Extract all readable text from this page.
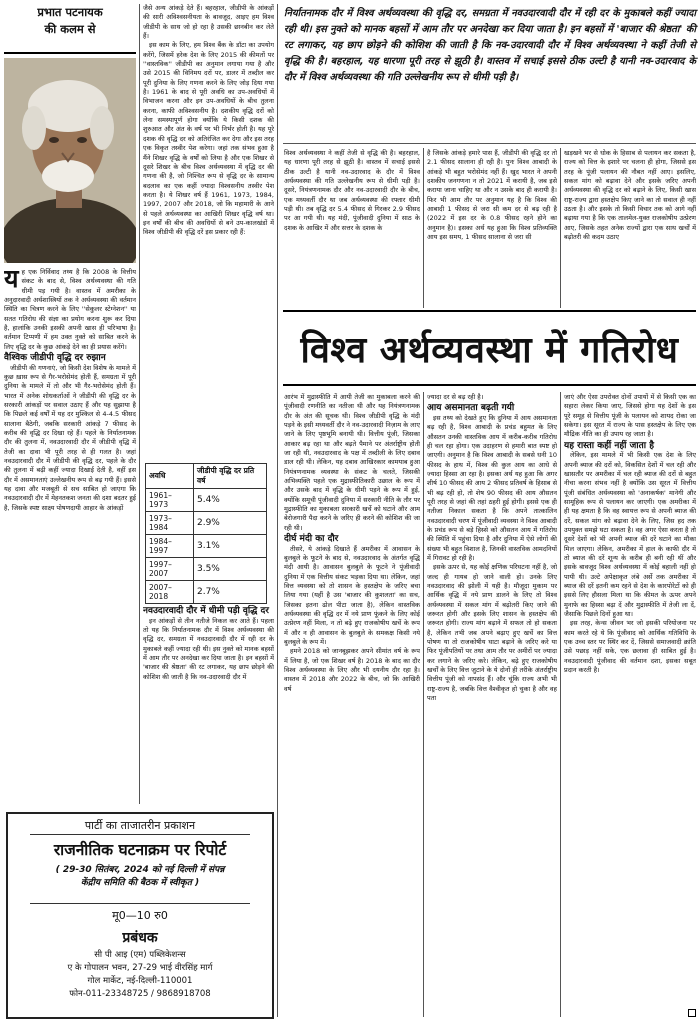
प्रभात पटनायक
की कलम से
निर्यातनामक दौर में विश्व अर्थव्यवस्था की वृद्धि दर, समग्रता में नवउदारवादी दौर में रही दर के मुकाबले कहीं ज्यादा रही थी। इस नुक्ते को मानक बहसों में आम तौर पर अनदेखा कर दिया जाता है। इन बहसों में 'बाजार की श्रेष्ठता' की रट लगाकर, यह छाप छोड़ने की कोशिश की जाती है कि नव-उदारवादी दौर में विश्व अर्थव्यवस्था ने कहीं तेजी से वृद्धि की है। बहरहाल, यह धारणा पूरी तरह से झूठी है। वास्तव में सचाई इससे ठीक उल्टी है यानी नव-उदारवाद के दौर में विश्व अर्थव्यवस्था की गति उल्लेखनीय रूप से धीमी पड़ी है।
य ह एक निर्विवाद तथ्य है कि 2008 के वित्तीय संकट के बाद से, विश्व अर्थव्यवस्था की गति धीमी पड़ गयी है। वास्तव में अमरीका के अनुदारवादी अर्थशास्त्रियों तक ने अर्थव्यवस्था की वर्तमान स्थिति का चित्रण करने के लिए ''सेकुलर स्टेग्नेशन'' या सतत गतिरोध की संज्ञा का प्रयोग करना शुरू कर दिया है, हालांकि उनकी इसकी अपनी खास ही परिभाषा है। वर्तमान टिप्पणी में हम उक्त नुक्ते को साबित करने के लिए वृद्धि दर के कुछ आंकड़े देने का ही प्रयास करेंगे।

वैश्विक जीडीपी वृद्धि दर रुझान

जीडीपी की गणनाएं, जो किसी देश विशेष के मामले में कुछ ख़ास रूप से गैर-भरोसेमंद होती हैं, समग्रता में पूरी दुनिया के मामले में तो और भी गैर-भरोसेमंद होती हैं। भारत में अनेक शोधकर्ताओं ने जीडीपी की वृद्धि दर के सरकारी आंकड़ों पर सवाल उठाए हैं और यह सुझाया है कि पिछले कई वर्षों में यह दर मुश्किल से 4-4.5 फीसद सालाना बैठेगी, जबकि सरकारी आंकड़े 7 फीसद के करीब की वृद्धि दर दिखा रहे हैं। पहले के निर्यातनामक दौर की तुलना में, नवउदारवादी दौर में जीडीपी वृद्धि में तेजी का दावा भी पूरी तरह से ही गलत है। जहां नवउदारवादी दौर में जीडीपी की वृद्धि दर, पहले के दौर की तुलना में बढ़ी कहीं ज्यादा दिखाई देती है, वहीं इस दौर में असमानताएं उल्लेखनीय रूप से बढ़ गयी हैं। इससे यह दावा और मजबूती से सच साबित हो जाएगा कि नवउदारवादी दौर में मेहनतकश जनता की दशा बदतर हुई है, जिसके स्पष्ट साक्ष्य पोषणदायी आहार के आंकड़ों

जैसे अन्य आंकड़े देते हैं। बहरहाल, जीडीपी के आंकड़ों की सारी अविश्वसनीयता के बावजूद, आइए हम विश्व जीडीपी के साथ जो हो रहा है उसकी छानबीन कर लेते हैं।

इस काम के लिए, हम विश्व बैंक के डॉटा का उपयोग करेंगे, जिसमें हरेक देश के लिए 2015 की कीमतों पर ''वास्तविक'' जीडीपी का अनुमान लगाया गया है और उसे 2015 की विनिमय दरों पर, डालर में तब्दील कर पूरी दुनिया के लिए गणना करने के लिए जोड़ दिया गया है। 1961 के बाद से पूरी अवधि का उप-अवधियों में विभाजन करना और इन उप-अवधियों के बीच तुलना करना, काफी अविश्वसनीय है। दशकीय वृद्धि दरों को लेना समस्यापूर्ण होगा क्योंकि ये किसी दशक की शुरुआत और अंत के वर्ष पर भी निर्भर होती है। यह पूरे दशक की वृद्धि दर को अतिरंजित कर देगा और इस तरह एक विकृत तस्वीर पेश करेगा। जहां तक संभव हुआ है मैंने शिखर वृद्धि के वर्षों को लिया है और एक शिखर से दूसरे शिखर के बीच विश्व अर्थव्यवस्था में वृद्धि दर की गणना की है, जो निश्चित रूप से वृद्धि दर के सामान्य बदलाव का एक कहीं ज्यादा विश्वसनीय तस्वीर पेश करता है। ये शिखर वर्ष हैं 1961, 1973, 1984, 1997, 2007 और 2018, जो कि महामारी के आने से पहले अर्थव्यवस्था का आखिरी शिखर वृद्धि वर्ष था। इन वर्षों की बीच की अवधियों से बने उप-कालखंडों में विश्व जीडीपी की वृद्धि दरें इस प्रकार रही हैं:

अवधि	जीडीपी वृद्धि दर प्रति वर्ष
1961–1973	5.4%
1973–1984	2.9%
1984–1997	3.1%
1997–2007	3.5%
2007–2018	2.7%
नवउदारवादी दौर में धीमी पड़ी वृद्धि दर

इन आंकड़ों से तीन नतीजे निकल कर आते हैं। पहला तो यह कि निर्यातनामक दौर में विश्व अर्थव्यवस्था की वृद्धि दर, समग्रता में नवउदारवादी दौर में रही दर के मुकाबले कहीं ज्यादा रही थी। इस नुक्ते को मानक बहसों में आम तौर पर अनदेखा कर दिया जाता है। इन बहसों में 'बाजार की श्रेष्ठता' की रट लगाकर, यह छाप छोड़ने की कोशिश की जाती है कि नव-उदारवादी दौर में

विश्व अर्थव्यवस्था ने कहीं तेजी से वृद्धि की है। बहरहाल, यह धारणा पूरी तरह से झूठी है। वास्तव में सचाई इससे ठीक उल्टी है यानी नव-उदारवाद के दौर में विश्व अर्थव्यवस्था की गति उल्लेखनीय रूप से धीमी पड़ी है। दूसरे, नियंत्रणनामक दौर और नव-उदारवादी दौर के बीच, एक मध्यवर्ती दौर था जब अर्थव्यवस्था की रफ्तार धीमी पड़ी थी। तब वृद्धि दर 5.4 फीसद से गिरकर 2.9 फीसद पर आ गयी थी। यह मंदी, पूंजीवादी दुनिया में साठ के दशक के आखिर में और सत्तर के दशक के

है जिसके आंकड़े हमारे पास हैं, जीडीपी की वृद्धि दर तो 2.1 फीसद सालाना ही रही है। पुनः विश्व आबादी के आंकड़े भी बहुत भरोसेमंद नहीं हैं। खुद भारत ने अपनी दशकीय जनगणना न तो 2021 में करायी है, जब इसे कराया जाना चाहिए था और न उसके बाद ही करायी है। फिर भी आम तौर पर अनुमान यह है कि विश्व की आबादी 1 फीसद से जरा सी कम दर से बढ़ रही है (2022 में इस दर के 0.8 फीसद रहने होने का अनुमान है)। इसका अर्थ यह हुआ कि विश्व प्रतिव्यक्ति आय इस समय, 1 फीसद सालाना से जरा सी

खड़खने भर से धोक के हिसाब से पलायन कर सकता है, राज्य को वित्त के इशारे पर चलना ही होगा, जिससे इस तरह के पूंजी पलायन की नौबत नहीं आए। इसलिए, सकल मांग को बढ़ावा देने और इसके जरिए अपनी अर्थव्यवस्था की वृद्धि दर को बढ़ाने के लिए, किसी खास राष्ट्र-राज्य द्वारा हस्तक्षेप किए जाने का तो सवाल ही नहीं उठता है। और इसके तो किसी विचार तक को आगे नहीं बढ़ाया गया है कि एक तालमेल-युक्त राजकोषीय उत्प्रेरण आए, जिसके तहत अनेक राज्यों द्वारा एक साथ खर्चों में बढ़ोतरी की कदम उठाए

विश्व अर्थव्यवस्था में गतिरोध

आरंभ में मुद्रास्फीति में आयी तेजी का मुकाबला करने की पूंजीवादी रणनीति का नतीजा थी और यह नियंत्रणनामक दौर के अंत की सूचक थी। विश्व जीडीपी वृद्धि के मंदी पड़ने के इसी मध्यवर्ती दौर ने नव-उदारवादी निज़ाम के लाए जाने के लिए पृष्ठभूमि बनायी थी। वित्तीय पूंजी, जिसका आकार बढ़ रहा था और बढ़ते पैमाने पर अंतर्राष्ट्रीय होती जा रही थी, नवउदारवाद के पक्ष में तब्दीली के लिए दबाव डाल रही थी। लेकिन, यह दबाव आखिरकार कामयाब हुआ नियंत्रणनामक व्यवस्था के संकट के चलते, जिसकी अभिव्यक्ति पहले एक मुद्रास्फीतिकारी उछाल के रूप में और उसके बाद में वृद्धि के धीमी पड़ने के रूप में हुई, क्योंकि समूची पूंजीवादी दुनिया में सरकारी नीति के तौर पर मुद्रास्फीति का मुकाबला सरकारी खर्चे को घटाने और आम बेरोजगारी पैदा करने के जरिए ही करने की कोशिश की जा रही थी।

दीर्घ मंदी का दौर

तीसरे, ये आंकड़े दिखाते हैं अमरीका में आवासन के बुलबुले के फूटने के बाद से, नवउदारवाद के अंतर्गत वृद्धि मंदी आयी है। आवासन बुलबुले के फूटने ने पूंजीवादी दुनिया में एक वित्तीय संकट भड़का दिया था। लेकिन, जहां वित्त व्यवस्था को तो शासन के हस्तक्षेप के जरिए बचा लिया गया (यहीं है उस 'बाजार की कुशलता' का सच, जिसका इतना ढोल पीटा जाता है), लेकिन वास्तविक अर्थव्यवस्था की वृद्धि दर में नये प्राण फूंकने के लिए कोई उत्प्रेरण नहीं मिला, न तो बढ़े हुए राजकोषीय खर्चे के रूप में और न ही आवासन के बुलबुले के समकक्ष किसी नये बुलबुले के रूप में।

हमने 2018 को जानबूझकर अपने सीमांत वर्ष के रूप में लिया है, जो एक शिखर वर्ष है। 2018 के बाद का दौर विश्व अर्थव्यवस्था के लिए और भी दयनीय दौर रहा है। वास्तव में 2018 और 2022 के बीच, जो कि आखिरी वर्ष

ज्यादा दर से बढ़ रही है।

आय असमानता बढ़ती गयी

इस तथ्य को देखते हुए कि दुनिया में आय असमानता बढ़ रही है, विश्व आबादी के प्रचंड बहुमत के लिए औसतन उनकी वास्तविक आय में करीब-करीब गतिरोध ही चल रहा होगा। एक उदाहरण से हमारी बात स्पष्ट हो जाएगी। अनुमान है कि विश्व आबादी के सबसे धनी 10 फीसद के हाथ में, विश्व की कुल आय का आधे से ज्यादा हिस्सा आ रहा है। इसका अर्थ यह हुआ कि अगर शीर्ष 10 फीसद की आय 2 फीसद प्रतिवर्ष के हिसाब से भी बढ़ रही हो, तो शेष 90 फीसद की आय औसतन पूरी तरह से जहां की तहां ठहरी हुई होगी। इससे एक ही नतीजा निकाल सकता है कि अपने तात्कालिन नवउदारवादी चरण में पूंजीवादी व्यवस्था ने विश्व आबादी के प्रचंड रूप से बड़े हिस्से को औसतन आय में गतिरोध की स्थिति में पहुंचा दिया है और दुनिया में ऐसे लोगों की संख्या भी बहुत विशाल है, जिनकी वास्तविक आमदनियों में गिरावट हो रही है।

इसके ऊपर से, यह कोई क्षणिक परिघटना नहीं है, जो जल्द ही गायब हो जाने वाली हो। उनके लिए नवउदारवाद की झोली में यही है। मौजूदा मुकाम पर आर्थिक वृद्धि में नये प्राण डालने के लिए तो विश्व अर्थव्यवस्था में सकल मांग में बढ़ोतरी किए जाने की जरूरत होगी और इसके लिए शासन के हस्तक्षेप की जरूरत होगी। राज्य मांग बढ़ाने में सफल तो हो सकता है, लेकिन तभी जब अपने बढ़ाए हुए खर्चे का वित्त पोषण या तो राजकोषीय घाटा बढ़ाने के जरिए करे या फिर पूंजीपतियों पर तथा आम तौर पर अमीरों पर ज्यादा कर लगाने के जरिए करे। लेकिन, बढ़े हुए राजकोषीय खर्चों के लिए वित्त जुटाने के ये दोनों ही तरीके अंतर्राष्ट्रीय वित्तीय पूंजी को नापसंद हैं। और चूंकि राज्य अभी भी राष्ट्र-राज्य है, जबकि वित्त वैश्वीकृत हो चुका है और वह पता

जाएं और ऐसा उपरोक्त दोनों उपायों में से किसी एक का सहारा लेकर किया जाए, जिससे होगा यह देशों के इस पूरे समूह से वित्तीय पूंजी के पलायन को शायद रोका जा सकेगा। इस सूरत में राज्य के पास हस्तक्षेप के लिए एक मौद्रिक नीति का ही उपाय रह जाता है।

यह रास्ता कहीं नहीं जाता है

लेकिन, इस मामले में भी किसी एक देश के लिए अपनी ब्याज की दरों को, विकसित देशों में चल रही और खासतौर पर अमरीका में चल रही ब्याज की दरों से बहुत नीचा करना संभव नहीं है क्योंकि उस सूरत में वित्तीय पूंजी संबंधित अर्थव्यवस्था को 'अनाकर्षक' मानेगी और सामूहिक रूप से पलायन कर जाएगी। एक अमरीका में ही यह क्षमता है कि वह स्वायत्त रूप से अपनी ब्याज की दरें, सकल मांग को बढ़ावा देने के लिए, जिस हद तक उपयुक्त समझे घटा सकता है। वह अगर ऐसा करता है तो दूसरे देशों को भी अपनी ब्याज की दरें घटाने का मौका मिल जाएगा। लेकिन, अमरीका में हाल के काफी दौर में तो ब्याज की दरें शून्य के करीब ही बनी रही थीं और इसके बावजूद विश्व अर्थव्यवस्था में कोई बहाली नहीं हो पायी थी। उल्टे अपेक्षाकृत लंबे अर्से तक अमरीका में ब्याज की दरें इतनी कम रहने से देश के कारपोरेटों को ही इससे लिए हौसला मिला था कि कीमत के ऊपर अपने मुनाफे का हिस्सा बढ़ा दें और मुद्रास्फीति में तेजी ला दें, जैसाकि पिछले दिनों हुआ था।

इस तरह, केन्स जीवन भर जो इसकी परियोजना पर काम करते रहे थे कि पूंजीवाद को आर्थिक गतिविधि के एक उच्च स्तर पर स्थिर कर दें, जिससे समाजवादी क्रांति उसे पछाड़ नहीं सके, एक छलावा ही साबित हुई है। नवउदारवादी पूंजीवाद की वर्तमान दशा, इसका सबूत प्रदान करती है।

पार्टी का ताजातरीन प्रकाशन
राजनीतिक घटनाक्रम पर रिपोर्ट
( 29-30 सितंबर, 2024 को नई दिल्ली में संपन्न
केंद्रीय समिति की बैठक में स्वीकृत )
मू0—10 रु0
प्रबंधक
सी पी आइ (एम) पब्लिकेशन्स
ए के गोपालन भवन, 27-29 भाई वीरसिंह मार्ग
गोल मार्केट, नई-दिल्ली-110001
फोन-011-23348725 / 9868918708
